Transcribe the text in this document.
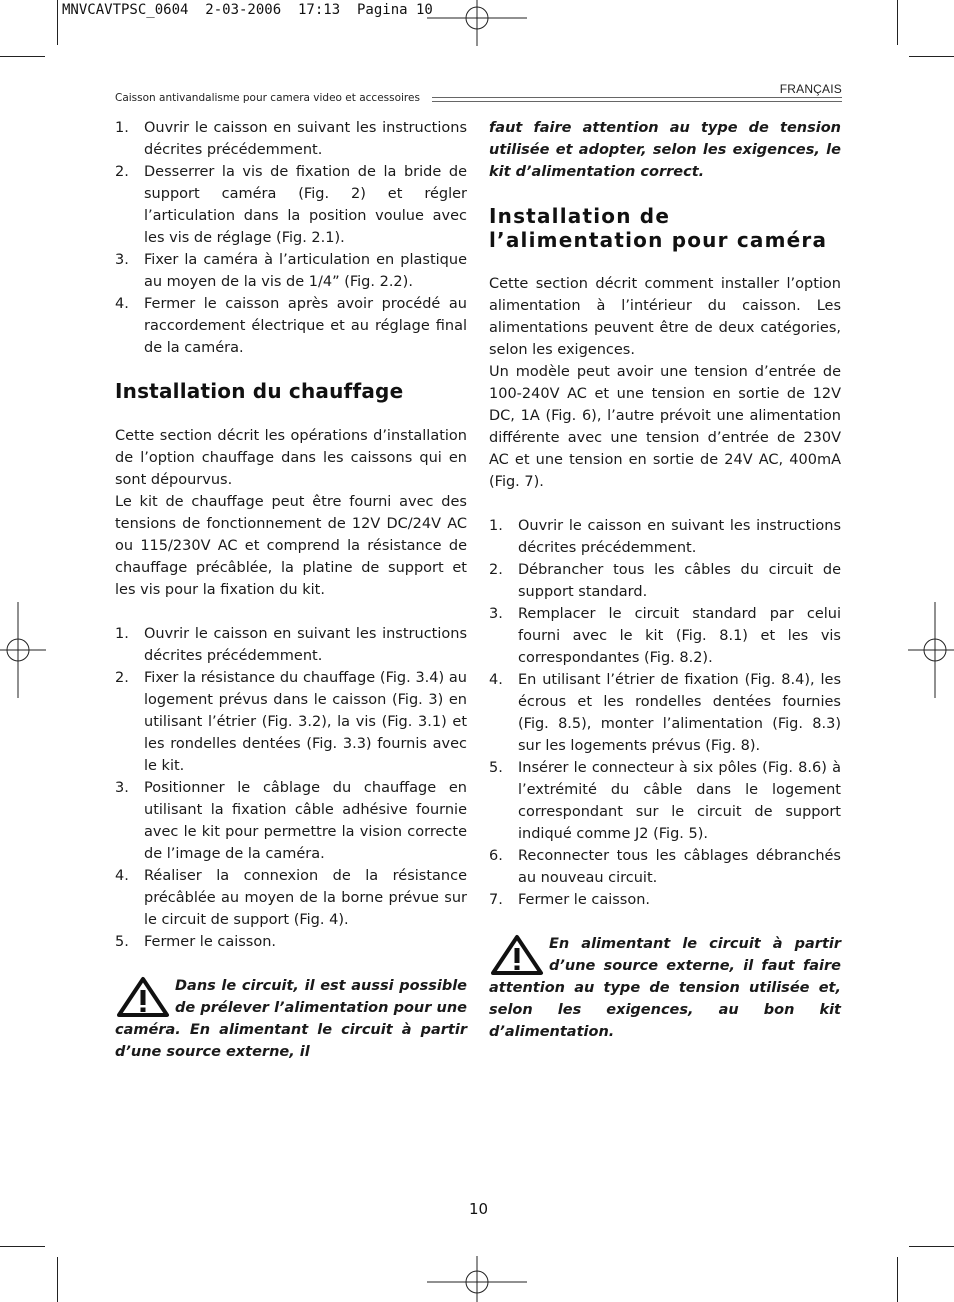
MNVCAVTPSC_0604  2-03-2006  17:13  Pagina 10
Caisson antivandalisme pour camera video et accessoires
FRANÇAIS
1. Ouvrir le caisson en suivant les instructions décrites précédemment.
2. Desserrer la vis de fixation de la bride de support caméra (Fig. 2) et régler l’articulation dans la position voulue avec les vis de réglage (Fig. 2.1).
3. Fixer la caméra à l’articulation en plastique au moyen de la vis de 1/4” (Fig. 2.2).
4. Fermer le caisson après avoir procédé au raccordement électrique et au réglage final de la caméra.
Installation du chauffage

Cette section décrit les opérations d’installation de l’option chauffage dans les caissons qui en sont dépourvus.

Le kit de chauffage peut être fourni avec des tensions de fonctionnement de 12V DC/24V AC ou 115/230V AC et comprend la résistance de chauffage précâblée, la platine de support et les vis pour la fixation du kit.

1. Ouvrir le caisson en suivant les instructions décrites précédemment.
2. Fixer la résistance du chauffage (Fig. 3.4) au logement prévus dans le caisson (Fig. 3) en utilisant l’étrier (Fig. 3.2), la vis (Fig. 3.1) et les rondelles dentées (Fig. 3.3) fournis avec le kit.
3. Positionner le câblage du chauffage en utilisant la fixation câble adhésive fournie avec le kit pour permettre la vision correcte de l’image de la caméra.
4. Réaliser la connexion de la résistance précâblée au moyen de la borne prévue sur le circuit de support (Fig. 4).
5. Fermer le caisson.

Dans le circuit, il est aussi possible de prélever l’alimentation pour une caméra. En alimentant le circuit à partir d’une source externe, il

faut faire attention au type de tension utilisée et adopter, selon les exigences, le kit d’alimentation correct.

Installation de l’alimentation pour caméra

Cette section décrit comment installer l’option alimentation à l’intérieur du caisson. Les alimentations peuvent être de deux catégories, selon les exigences.

Un modèle peut avoir une tension d’entrée de 100-240V AC et une tension en sortie de 12V DC, 1A (Fig. 6), l’autre prévoit une alimentation différente avec une tension d’entrée de 230V AC et une tension en sortie de 24V AC, 400mA (Fig. 7).

1. Ouvrir le caisson en suivant les instructions décrites précédemment.
2. Débrancher tous les câbles du circuit de support standard.
3. Remplacer le circuit standard par celui fourni avec le kit (Fig. 8.1) et les vis correspondantes (Fig. 8.2).
4. En utilisant l’étrier de fixation (Fig. 8.4), les écrous et les rondelles dentées fournies (Fig. 8.5), monter l’alimentation (Fig. 8.3) sur les logements prévus (Fig. 8).
5. Insérer le connecteur à six pôles (Fig. 8.6) à l’extrémité du câble dans le logement correspondant sur le circuit de support indiqué comme J2 (Fig. 5).
6. Reconnecter tous les câblages débranchés au nouveau circuit.
7. Fermer le caisson.

En alimentant le circuit à partir d’une source externe, il faut faire attention au type de tension utilisée et, selon les exigences, au bon kit d’alimentation.

10
